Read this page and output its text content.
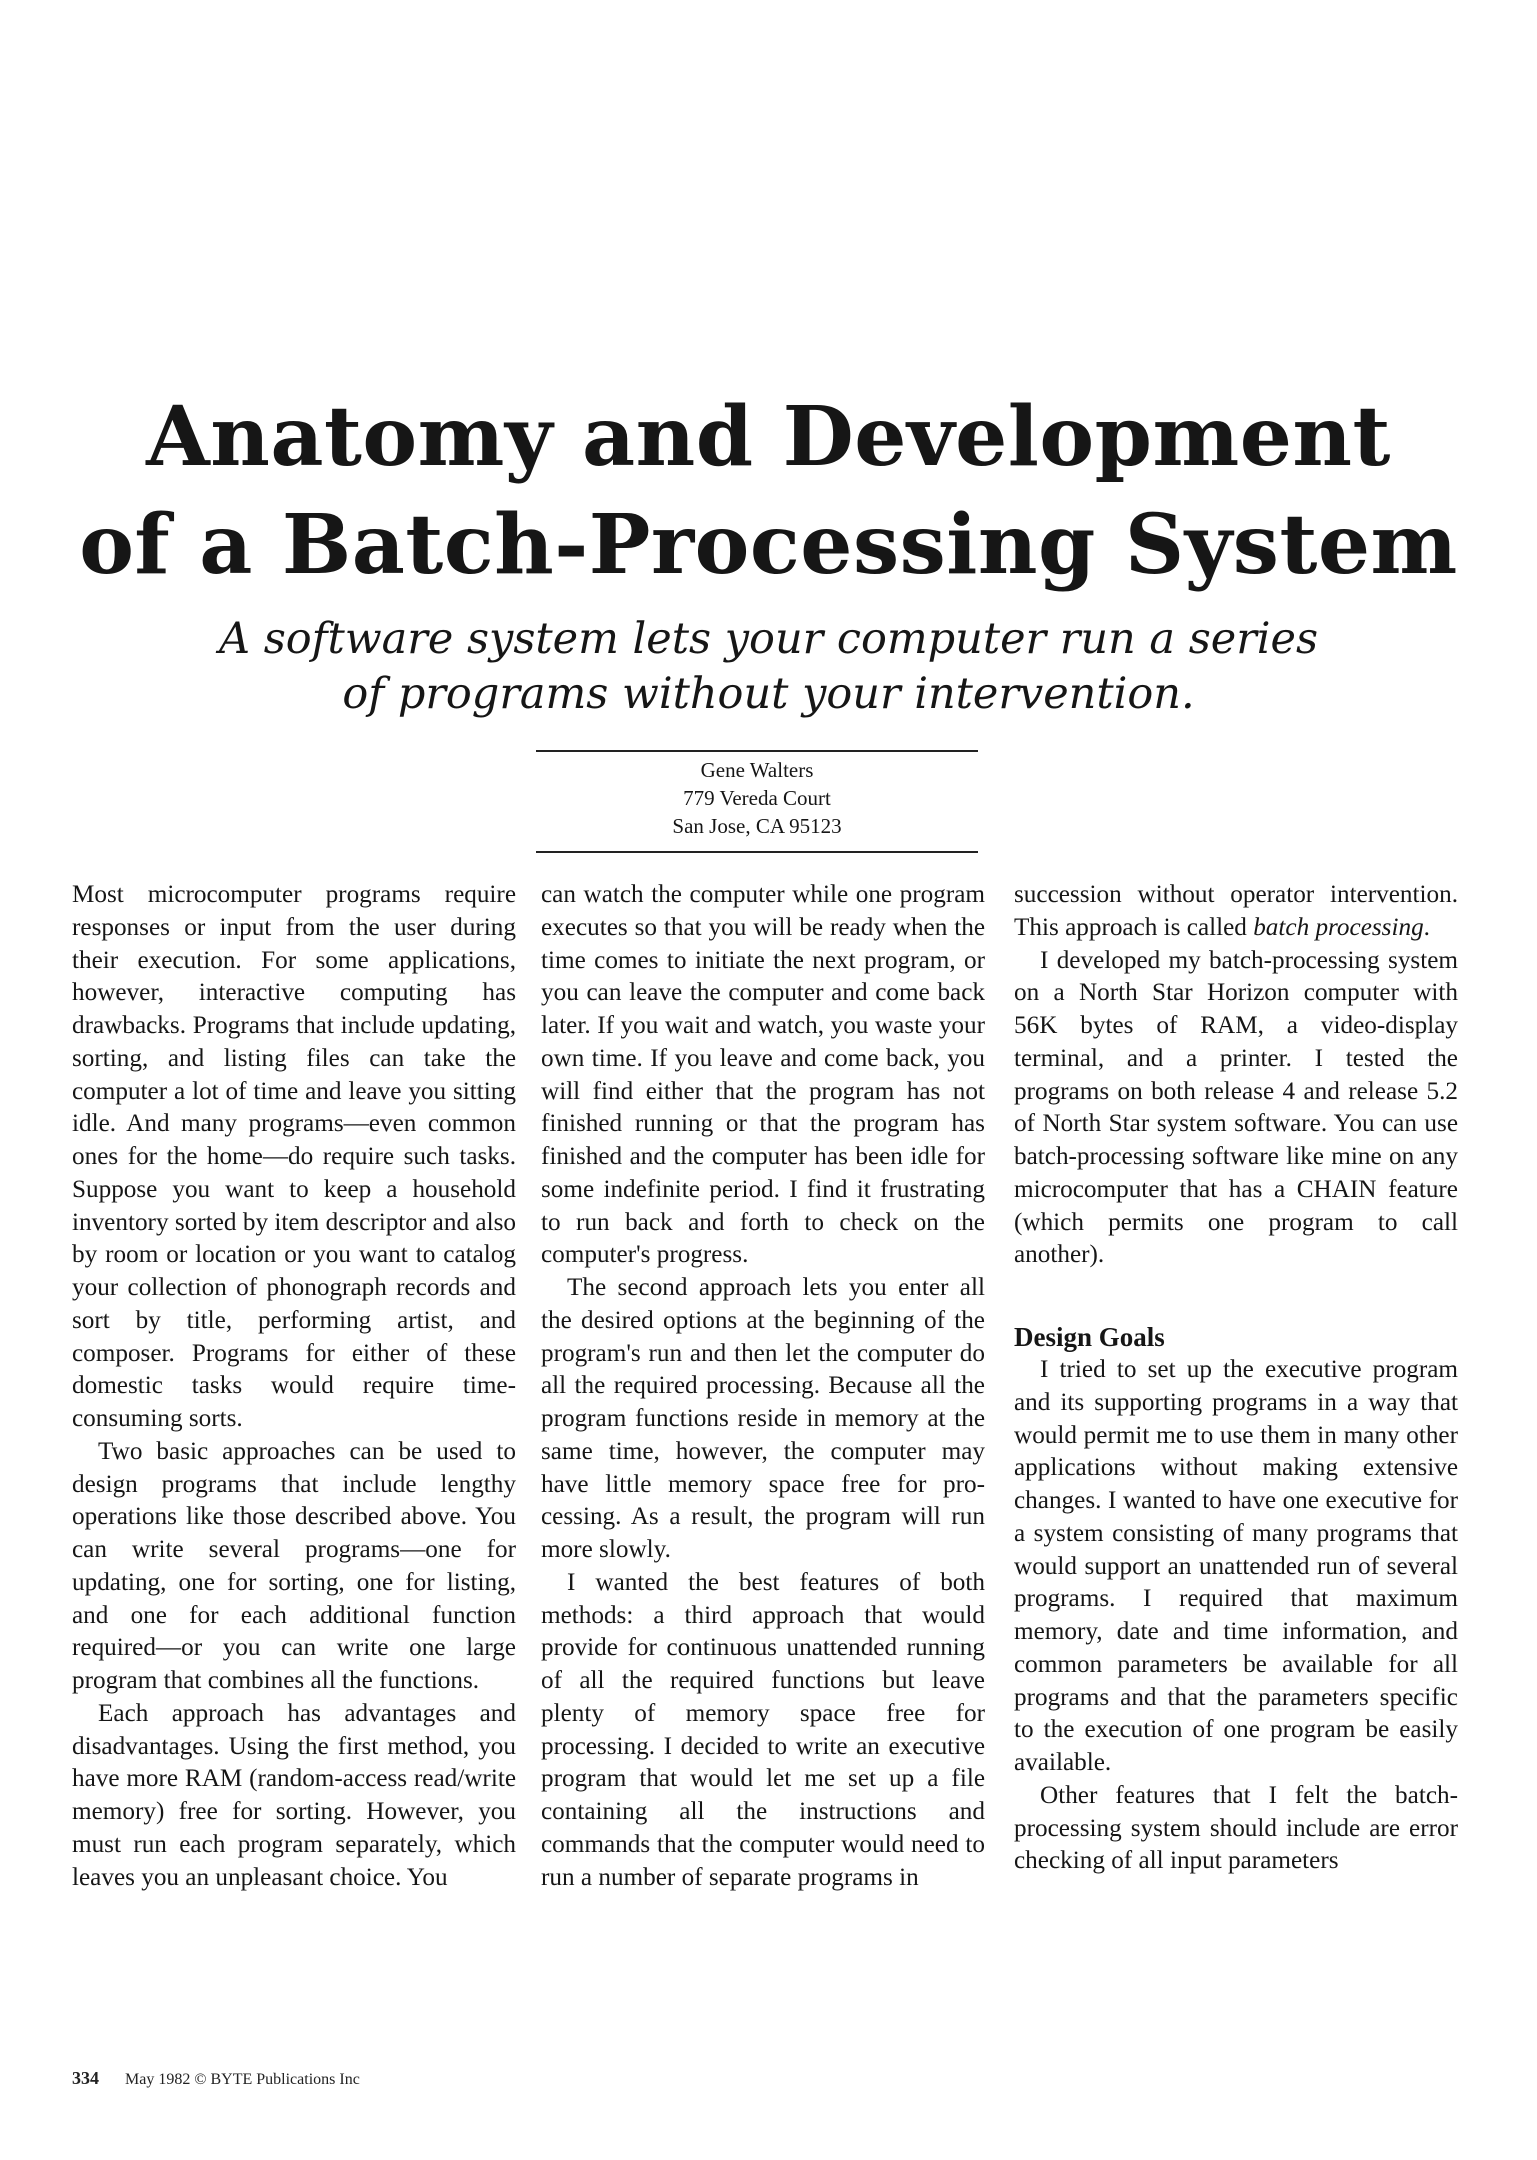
Anatomy and Development
of a Batch-Processing System

A software system lets your computer run a series
of programs without your intervention.

Gene Walters
779 Vereda Court
San Jose, CA 95123

Most microcomputer programs require responses or input from the user during their execution. For some applications, however, interactive computing has drawbacks. Programs that include updating, sorting, and listing files can take the computer a lot of time and leave you sitting idle. And many programs—even common ones for the home—do require such tasks. Suppose you want to keep a household inventory sorted by item descriptor and also by room or location or you want to catalog your collection of phonograph records and sort by title, performing artist, and composer. Programs for either of these domestic tasks would require time-consuming sorts.

Two basic approaches can be used to design programs that include lengthy operations like those described above. You can write several programs—one for updating, one for sorting, one for listing, and one for each additional function required—or you can write one large program that combines all the functions.

Each approach has advantages and disadvantages. Using the first method, you have more RAM (random-access read/write memory) free for sorting. However, you must run each program separately, which leaves you an unpleasant choice. You

can watch the computer while one program executes so that you will be ready when the time comes to initiate the next program, or you can leave the computer and come back later. If you wait and watch, you waste your own time. If you leave and come back, you will find either that the program has not finished running or that the program has finished and the computer has been idle for some indefinite period. I find it frustrating to run back and forth to check on the computer's progress.

The second approach lets you enter all the desired options at the beginning of the program's run and then let the computer do all the required processing. Because all the program functions reside in memory at the same time, however, the computer may have little memory space free for processing. As a result, the program will run more slowly.

I wanted the best features of both methods: a third approach that would provide for continuous unattended running of all the required functions but leave plenty of memory space free for processing. I decided to write an executive program that would let me set up a file containing all the instructions and commands that the computer would need to run a number of separate programs in

succession without operator intervention. This approach is called batch processing.

I developed my batch-processing system on a North Star Horizon computer with 56K bytes of RAM, a video-display terminal, and a printer. I tested the programs on both release 4 and release 5.2 of North Star system software. You can use batch-processing software like mine on any microcomputer that has a CHAIN feature (which permits one program to call another).

Design Goals

I tried to set up the executive program and its supporting programs in a way that would permit me to use them in many other applications without making extensive changes. I wanted to have one executive for a system consisting of many programs that would support an unattended run of several programs. I required that maximum memory, date and time information, and common parameters be available for all programs and that the parameters specific to the execution of one program be easily available.

Other features that I felt the batch-processing system should include are error checking of all input parameters

334 May 1982 © BYTE Publications Inc
